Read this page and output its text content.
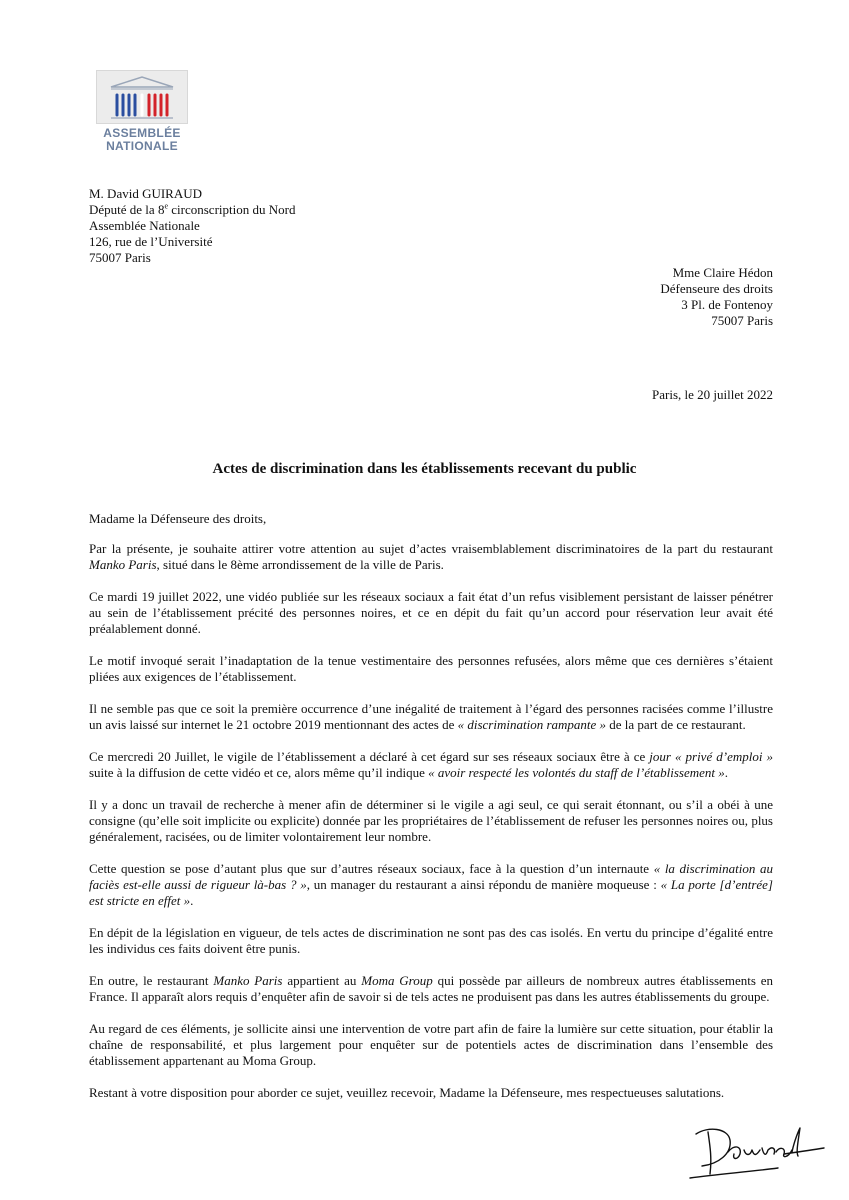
ASSEMBLÉE
NATIONALE
M. David GUIRAUD
Député de la 8e circonscription du Nord
Assemblée Nationale
126, rue de l’Université
75007 Paris
Mme Claire Hédon
Défenseure des droits
3 Pl. de Fontenoy
75007 Paris
Paris, le 20 juillet 2022
Actes de discrimination dans les établissements recevant du public

Madame la Défenseure des droits,

Par la présente, je souhaite attirer votre attention au sujet d’actes vraisemblablement discriminatoires de la part du restaurant Manko Paris, situé dans le 8ème arrondissement de la ville de Paris.

Ce mardi 19 juillet 2022, une vidéo publiée sur les réseaux sociaux a fait état d’un refus visiblement persistant de laisser pénétrer au sein de l’établissement précité des personnes noires, et ce en dépit du fait qu’un accord pour réservation leur avait été préalablement donné.

Le motif invoqué serait l’inadaptation de la tenue vestimentaire des personnes refusées, alors même que ces dernières s’étaient pliées aux exigences de l’établissement.

Il ne semble pas que ce soit la première occurrence d’une inégalité de traitement à l’égard des personnes racisées comme l’illustre un avis laissé sur internet le 21 octobre 2019 mentionnant des actes de « discrimination rampante » de la part de ce restaurant.

Ce mercredi 20 Juillet, le vigile de l’établissement a déclaré à cet égard sur ses réseaux sociaux être à ce jour « privé d’emploi » suite à la diffusion de cette vidéo et ce, alors même qu’il indique « avoir respecté les volontés du staff de l’établissement ».

Il y a donc un travail de recherche à mener afin de déterminer si le vigile a agi seul, ce qui serait étonnant, ou s’il a obéi à une consigne (qu’elle soit implicite ou explicite) donnée par les propriétaires de l’établissement de refuser les personnes noires ou, plus généralement, racisées, ou de limiter volontairement leur nombre.

Cette question se pose d’autant plus que sur d’autres réseaux sociaux, face à la question d’un internaute « la discrimination au faciès est-elle aussi de rigueur là-bas ? », un manager du restaurant a ainsi répondu de manière moqueuse : « La porte [d’entrée] est stricte en effet ».

En dépit de la législation en vigueur, de tels actes de discrimination ne sont pas des cas isolés. En vertu du principe d’égalité entre les individus ces faits doivent être punis.

En outre, le restaurant Manko Paris appartient au Moma Group qui possède par ailleurs de nombreux autres établissements en France. Il apparaît alors requis d’enquêter afin de savoir si de tels actes ne produisent pas dans les autres établissements du groupe.

Au regard de ces éléments, je sollicite ainsi une intervention de votre part afin de faire la lumière sur cette situation, pour établir la chaîne de responsabilité, et plus largement pour enquêter sur de potentiels actes de discrimination dans l’ensemble des établissement appartenant au Moma Group.

Restant à votre disposition pour aborder ce sujet, veuillez recevoir, Madame la Défenseure, mes respectueuses salutations.
